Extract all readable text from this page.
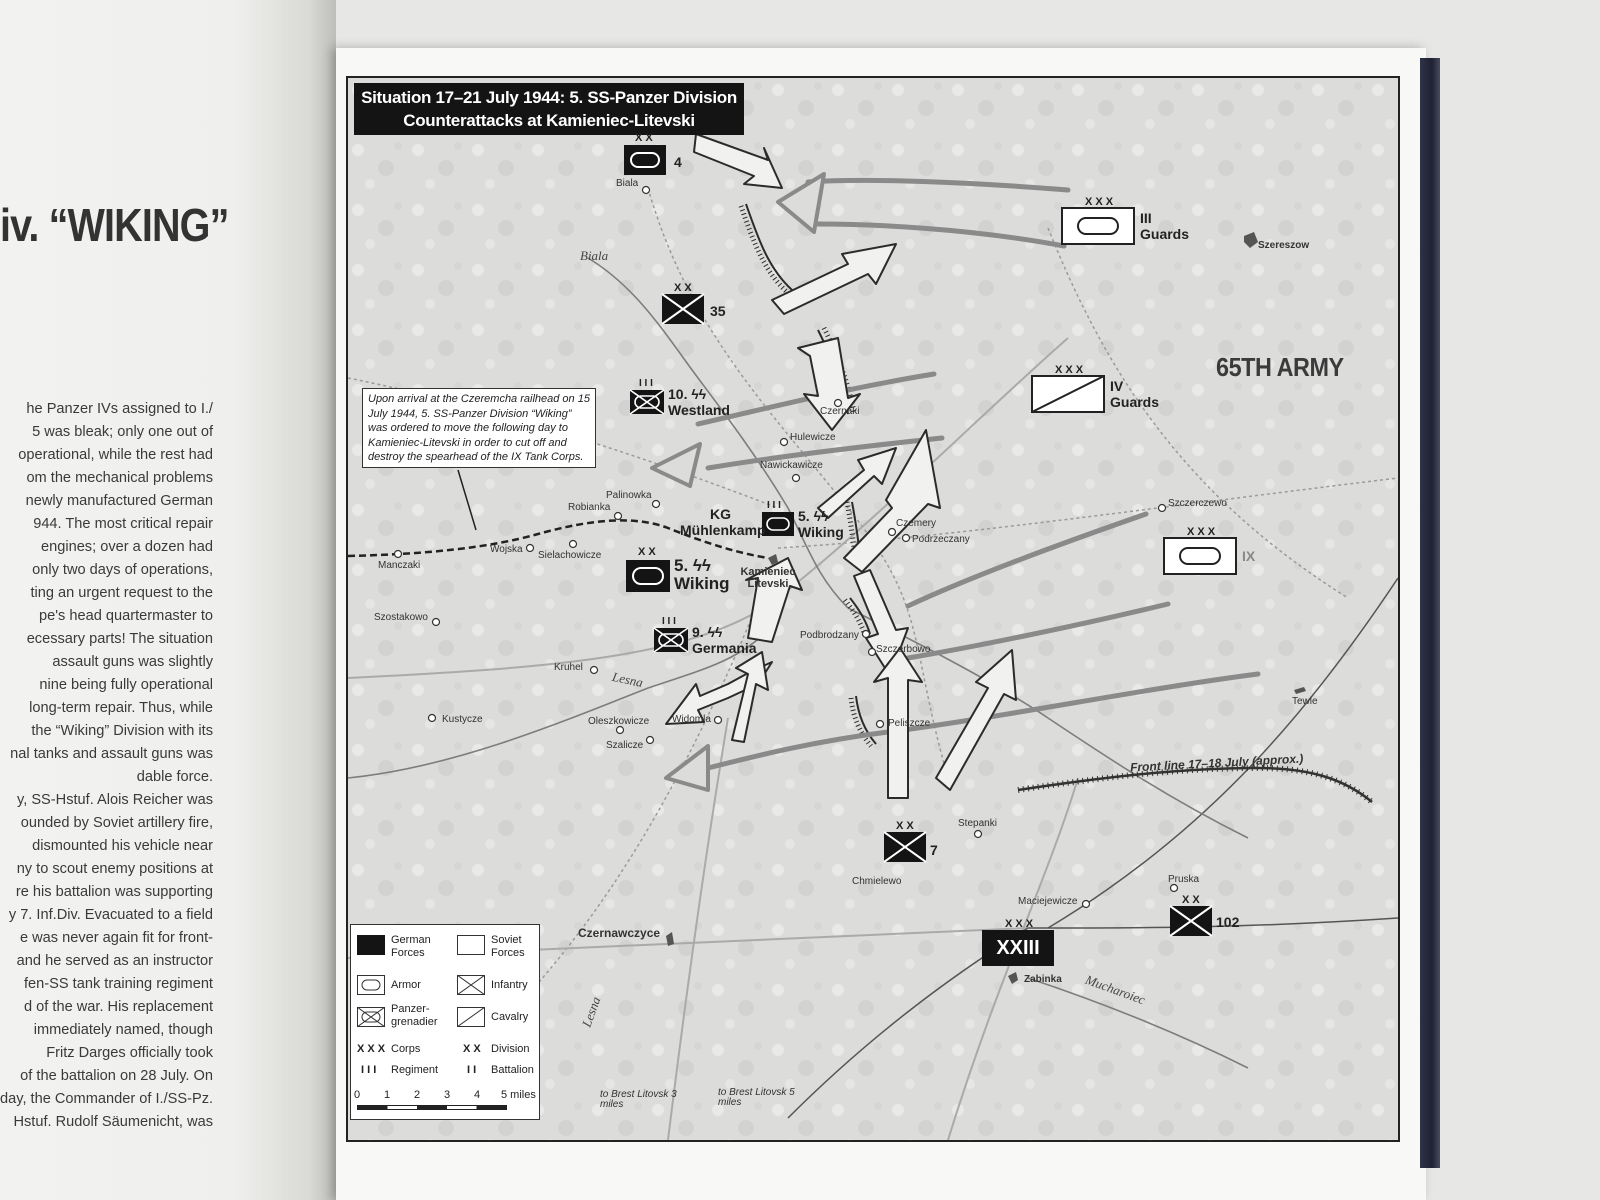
iv. “WIKING”
he Panzer IVs assigned to I./
5 was bleak; only one out of
operational, while the rest had
om the mechanical problems
newly manufactured German
944. The most critical repair
engines; over a dozen had
only two days of operations,
ting an urgent request to the
pe's head quartermaster to
ecessary parts! The situation
assault guns was slightly
nine being fully operational
long-term repair. Thus, while
the “Wiking” Division with its
nal tanks and assault guns was
dable force.
y, SS-Hstuf. Alois Reicher was
ounded by Soviet artillery fire,
dismounted his vehicle near
ny to scout enemy positions at
re his battalion was supporting
y 7. Inf.Div. Evacuated to a field
e was never again fit for front-
and he served as an instructor
fen-SS tank training regiment
d of the war. His replacement
immediately named, though
Fritz Darges officially took
of the battalion on 28 July. On
day, the Commander of I./SS-Pz.
Hstuf. Rudolf Säumenicht, was
Situation 17–21 July 1944: 5. SS-Panzer Division
Counterattacks at Kamieniec-Litevski
65TH ARMY
Upon arrival at the Czeremcha railhead on 15 July 1944, 5. SS-Panzer Division “Wiking” was ordered to move the following day to Kamieniec-Litevski in order to cut off and destroy the spearhead of the IX Tank Corps.
Front line 17–18 July (approx.)
Biala
Lesna
Lesna
Mucharoiec
Biala
Szereszow
Czernaki
Hulewicze
Nawickawicze
Palinowka
Robianka
Manczaki
Wojska
Sielachowicze
Czemery
Podrzeczany
Szczerczewo
Kamieniec Litevski
Szostakowo
Podbrodzany
Szczerbowo
Kruhel
Kustycze	Oleszkowicze Widomla
Szalicze
Peliszcze
Tewle
Stepanki
Chmielewo
Maciejewicze
Pruska
Czernawczyce
Zabinka
to Brest Litovsk 3 miles
to Brest Litovsk 5 miles
X X
4
X X
35
X X X
III
Guards
I I I
10. ϟϟ
Westland
X X X
IV
Guards
KG
Mühlenkamp
I I I
5. ϟϟ
Wiking
X X
5. ϟϟ
Wiking
I I I
9. ϟϟ
Germania
X X X
IX
X X
7
X X X
XXIII
X X
102
German Forces
Soviet Forces
Armor	Infantry
Panzer- grenadier	Cavalry
X X X Corps	X X Division
I I I Regiment	I I Battalion
0 1 2 3 4 5 miles
